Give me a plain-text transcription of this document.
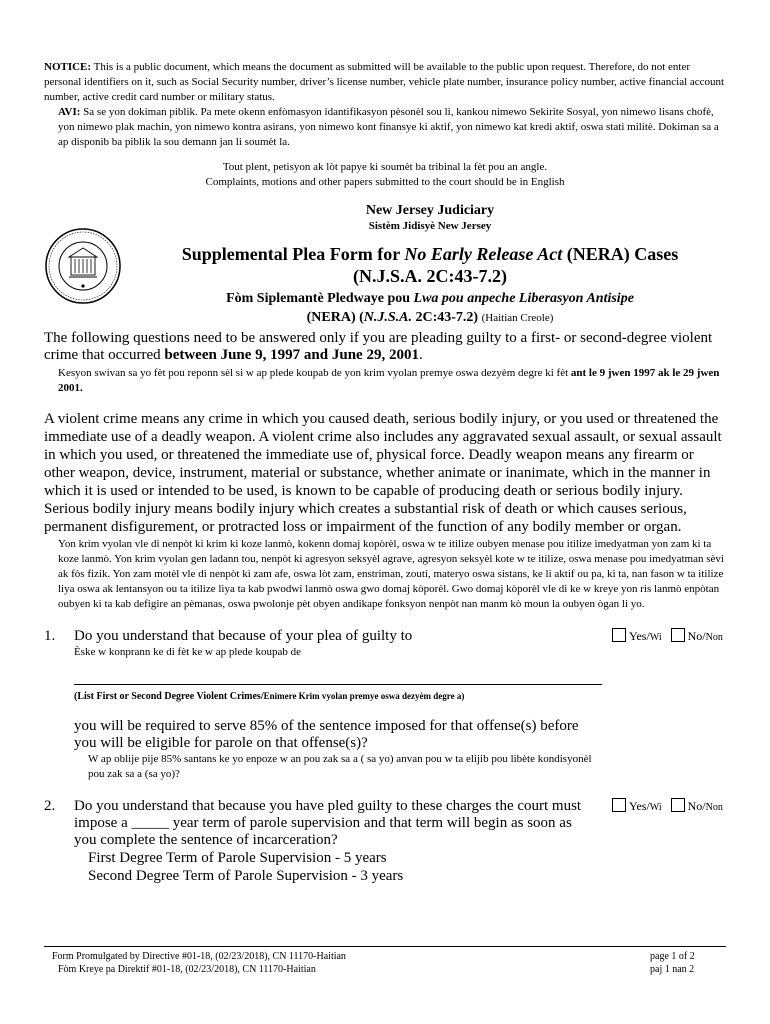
NOTICE: This is a public document, which means the document as submitted will be available to the public upon request. Therefore, do not enter personal identifiers on it, such as Social Security number, driver’s license number, vehicle plate number, insurance policy number, active financial account number, active credit card number or military status.
AVI: Sa se yon dokiman piblik. Pa mete okenn enfòmasyon idantifikasyon pèsonèl sou li, kankou nimewo Sekirite Sosyal, yon nimewo lisans chofè, yon nimewo plak machin, yon nimewo kontra asirans, yon nimewo kont finansye ki aktif, yon nimewo kat kredi aktif, oswa stati militè. Dokiman sa a ap disponib ba piblik la sou demann jan li soumèt la.
Tout plent, petisyon ak lòt papye ki soumèt ba tribinal la fèt pou an angle.
Complaints, motions and other papers submitted to the court should be in English
New Jersey Judiciary
Sistèm Jidisyè New Jersey
Supplemental Plea Form for No Early Release Act (NERA) Cases
(N.J.S.A. 2C:43-7.2)
Fòm Siplemantè Pledwaye pou Lwa pou anpeche Liberasyon Antisipe
(NERA) (N.J.S.A. 2C:43-7.2) (Haitian Creole)
The following questions need to be answered only if you are pleading guilty to a first- or second-degree violent crime that occurred between June 9, 1997 and June 29, 2001.
Kesyon swivan sa yo fèt pou reponn sèl si w ap plede koupab de yon krim vyolan premye oswa dezyèm degre ki fèt ant le 9 jwen 1997 ak le 29 jwen 2001.
A violent crime means any crime in which you caused death, serious bodily injury, or you used or threatened the immediate use of a deadly weapon. A violent crime also includes any aggravated sexual assault, or sexual assault in which you used, or threatened the immediate use of, physical force. Deadly weapon means any firearm or other weapon, device, instrument, material or substance, whether animate or inanimate, which in the manner in which it is used or intended to be used, is known to be capable of producing death or serious bodily injury. Serious bodily injury means bodily injury which creates a substantial risk of death or which causes serious, permanent disfigurement, or protracted loss or impairment of the function of any bodily member or organ.
Yon krim vyolan vle di nenpòt ki krim ki koze lanmò, kokenn domaj kopòrèl, oswa w te itilize oubyen menase pou itilize imedyatman yon zam ki ta koze lanmò. Yon krim vyolan gen ladann tou, nenpòt ki agresyon seksyèl agrave, agresyon seksyèl kote w te itilize, oswa menase pou imedyatman sèvi ak fòs fizik. Yon zam motèl vle di nenpòt ki zam afe, oswa lòt zam, enstriman, zouti, materyo oswa sistans, ke li aktif ou pa, ki ta, nan fason w ta itilize liya oswa ak lentansyon ou ta itilize liya ta kab pwodwi lanmò oswa gwo domaj kòporèl. Gwo domaj kòporèl vle di ke w kreye yon ris lanmò enpòtan oubyen ki ta kab defigire an pèmanas, oswa pwolonje pèt obyen andikape fonksyon nenpòt nan manm kò moun la oubyen ògan li yo.
1. Do you understand that because of your plea of guilty to
Èske w konprann ke di fèt ke w ap plede koupab de
Yes/Wi No/Non
(List First or Second Degree Violent Crimes/Enimere Krim vyolan premye oswa dezyèm degre a)
you will be required to serve 85% of the sentence imposed for that offense(s) before you will be eligible for parole on that offense(s)?
W ap oblije pije 85% santans ke yo enpoze w an pou zak sa a ( sa yo) anvan pou w ta elijib pou libète kondisyonèl pou zak sa a (sa yo)?
2. Do you understand that because you have pled guilty to these charges the court must impose a _____ year term of parole supervision and that term will begin as soon as you complete the sentence of incarceration?
First Degree Term of Parole Supervision - 5 years
Second Degree Term of Parole Supervision - 3 years
Yes/Wi No/Non
Form Promulgated by Directive #01-18, (02/23/2018), CN 11170-Haitian
Fòm Kreye pa Direktif #01-18, (02/23/2018), CN 11170-Haitian
page 1 of 2
paj 1 nan 2
